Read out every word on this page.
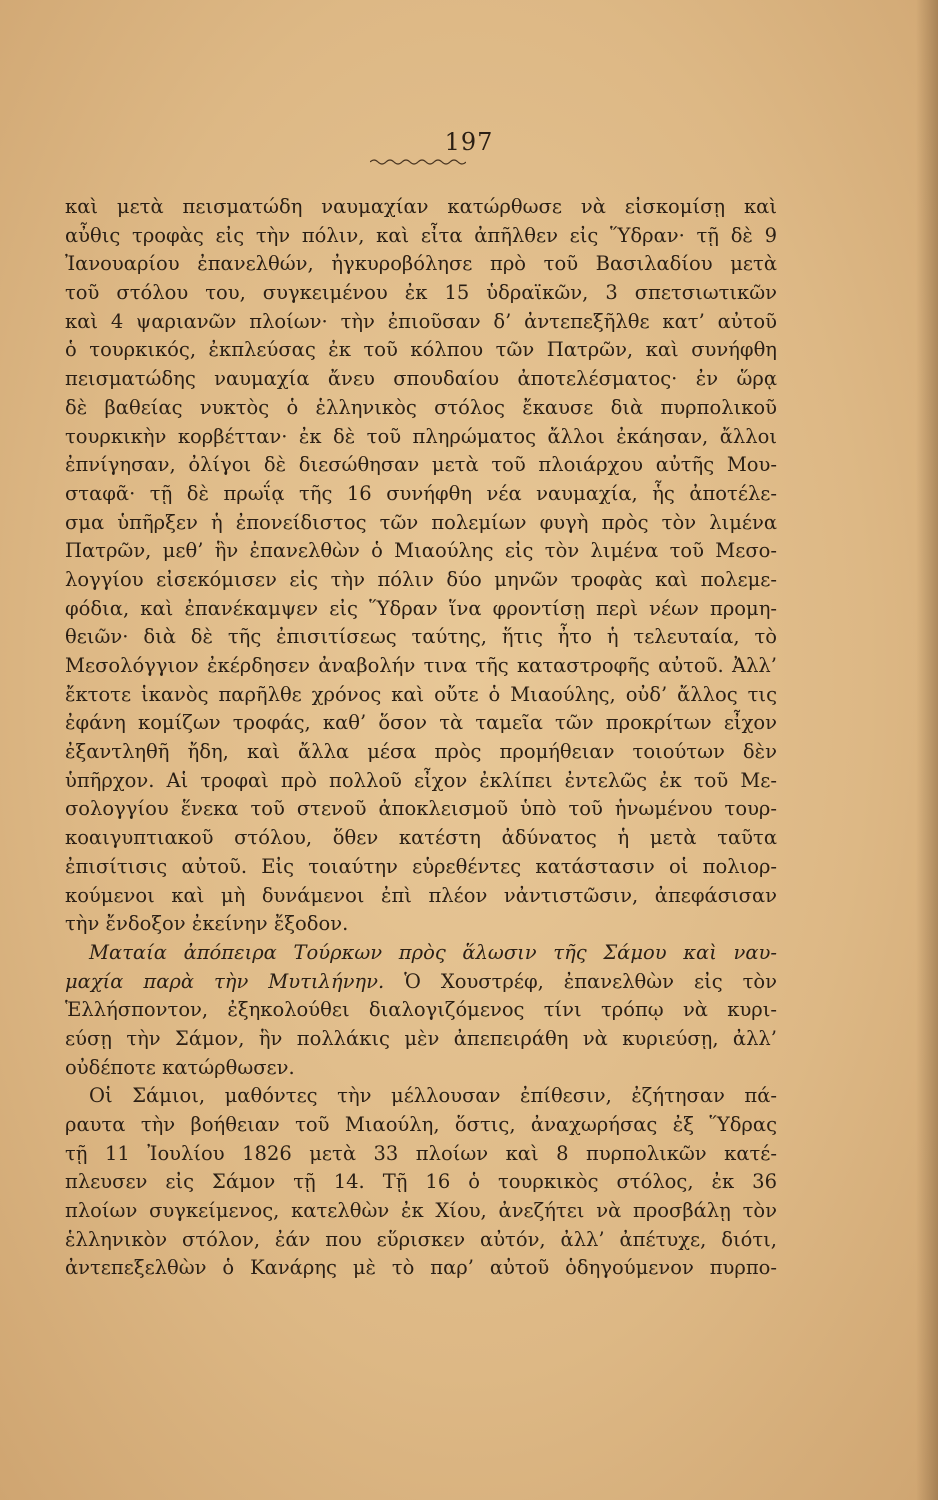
197
καὶ μετὰ πεισματώδη ναυμαχίαν κατώρθωσε νὰ εἰσκομίσῃ καὶ
αὖθις τροφὰς εἰς τὴν πόλιν, καὶ εἶτα ἀπῆλθεν εἰς Ὕδραν· τῇ δὲ 9
Ἰανουαρίου ἐπανελθών, ἠγκυροβόλησε πρὸ τοῦ Βασιλαδίου μετὰ
τοῦ στόλου του, συγκειμένου ἐκ 15 ὑδραϊκῶν, 3 σπετσιωτικῶν
καὶ 4 ψαριανῶν πλοίων· τὴν ἐπιοῦσαν δ’ ἀντεπεξῆλθε κατ’ αὐτοῦ
ὁ τουρκικός, ἐκπλεύσας ἐκ τοῦ κόλπου τῶν Πατρῶν, καὶ συνήφθη
πεισματώδης ναυμαχία ἄνευ σπουδαίου ἀποτελέσματος· ἐν ὥρᾳ
δὲ βαθείας νυκτὸς ὁ ἑλληνικὸς στόλος ἔκαυσε διὰ πυρπολικοῦ
τουρκικὴν κορβέτταν· ἐκ δὲ τοῦ πληρώματος ἄλλοι ἐκάησαν, ἄλλοι
ἐπνίγησαν, ὀλίγοι δὲ διεσώθησαν μετὰ τοῦ πλοιάρχου αὐτῆς Μου-
σταφᾶ· τῇ δὲ πρωΐᾳ τῆς 16 συνήφθη νέα ναυμαχία, ἧς ἀποτέλε-
σμα ὑπῆρξεν ἡ ἐπονείδιστος τῶν πολεμίων φυγὴ πρὸς τὸν λιμένα
Πατρῶν, μεθ’ ἣν ἐπανελθὼν ὁ Μιαούλης εἰς τὸν λιμένα τοῦ Μεσο-
λογγίου εἰσεκόμισεν εἰς τὴν πόλιν δύο μηνῶν τροφὰς καὶ πολεμε-
φόδια, καὶ ἐπανέκαμψεν εἰς Ὕδραν ἵνα φροντίσῃ περὶ νέων προμη-
θειῶν· διὰ δὲ τῆς ἐπισιτίσεως ταύτης, ἥτις ἦτο ἡ τελευταία, τὸ
Μεσολόγγιον ἐκέρδησεν ἀναβολήν τινα τῆς καταστροφῆς αὐτοῦ. Ἀλλ’
ἔκτοτε ἱκανὸς παρῆλθε χρόνος καὶ οὔτε ὁ Μιαούλης, οὐδ’ ἄλλος τις
ἐφάνη κομίζων τροφάς, καθ’ ὅσον τὰ ταμεῖα τῶν προκρίτων εἶχον
ἐξαντληθῆ ἤδη, καὶ ἄλλα μέσα πρὸς προμήθειαν τοιούτων δὲν
ὑπῆρχον. Αἱ τροφαὶ πρὸ πολλοῦ εἶχον ἐκλίπει ἐντελῶς ἐκ τοῦ Με-
σολογγίου ἕνεκα τοῦ στενοῦ ἀποκλεισμοῦ ὑπὸ τοῦ ἡνωμένου τουρ-
κοαιγυπτιακοῦ στόλου, ὅθεν κατέστη ἀδύνατος ἡ μετὰ ταῦτα
ἐπισίτισις αὐτοῦ. Εἰς τοιαύτην εὑρεθέντες κατάστασιν οἱ πολιορ-
κούμενοι καὶ μὴ δυνάμενοι ἐπὶ πλέον νἀντιστῶσιν, ἀπεφάσισαν
τὴν ἔνδοξον ἐκείνην ἔξοδον.
Ματαία ἀπόπειρα Τούρκων πρὸς ἅλωσιν τῆς Σάμου καὶ ναυ-
μαχία παρὰ τὴν Μυτιλήνην. Ὁ Χουστρέφ, ἐπανελθὼν εἰς τὸν
Ἑλλήσποντον, ἐξηκολούθει διαλογιζόμενος τίνι τρόπῳ νὰ κυρι-
εύσῃ τὴν Σάμον, ἣν πολλάκις μὲν ἀπεπειράθη νὰ κυριεύσῃ, ἀλλ’
οὐδέποτε κατώρθωσεν.
Οἱ Σάμιοι, μαθόντες τὴν μέλλουσαν ἐπίθεσιν, ἐζήτησαν πά-
ραυτα τὴν βοήθειαν τοῦ Μιαούλη, ὅστις, ἀναχωρήσας ἐξ Ὕδρας
τῇ 11 Ἰουλίου 1826 μετὰ 33 πλοίων καὶ 8 πυρπολικῶν κατέ-
πλευσεν εἰς Σάμον τῇ 14. Τῇ 16 ὁ τουρκικὸς στόλος, ἐκ 36
πλοίων συγκείμενος, κατελθὼν ἐκ Χίου, ἀνεζήτει νὰ προσβάλῃ τὸν
ἑλληνικὸν στόλον, ἐάν που εὕρισκεν αὐτόν, ἀλλ’ ἀπέτυχε, διότι,
ἀντεπεξελθὼν ὁ Κανάρης μὲ τὸ παρ’ αὐτοῦ ὁδηγούμενον πυρπο-
